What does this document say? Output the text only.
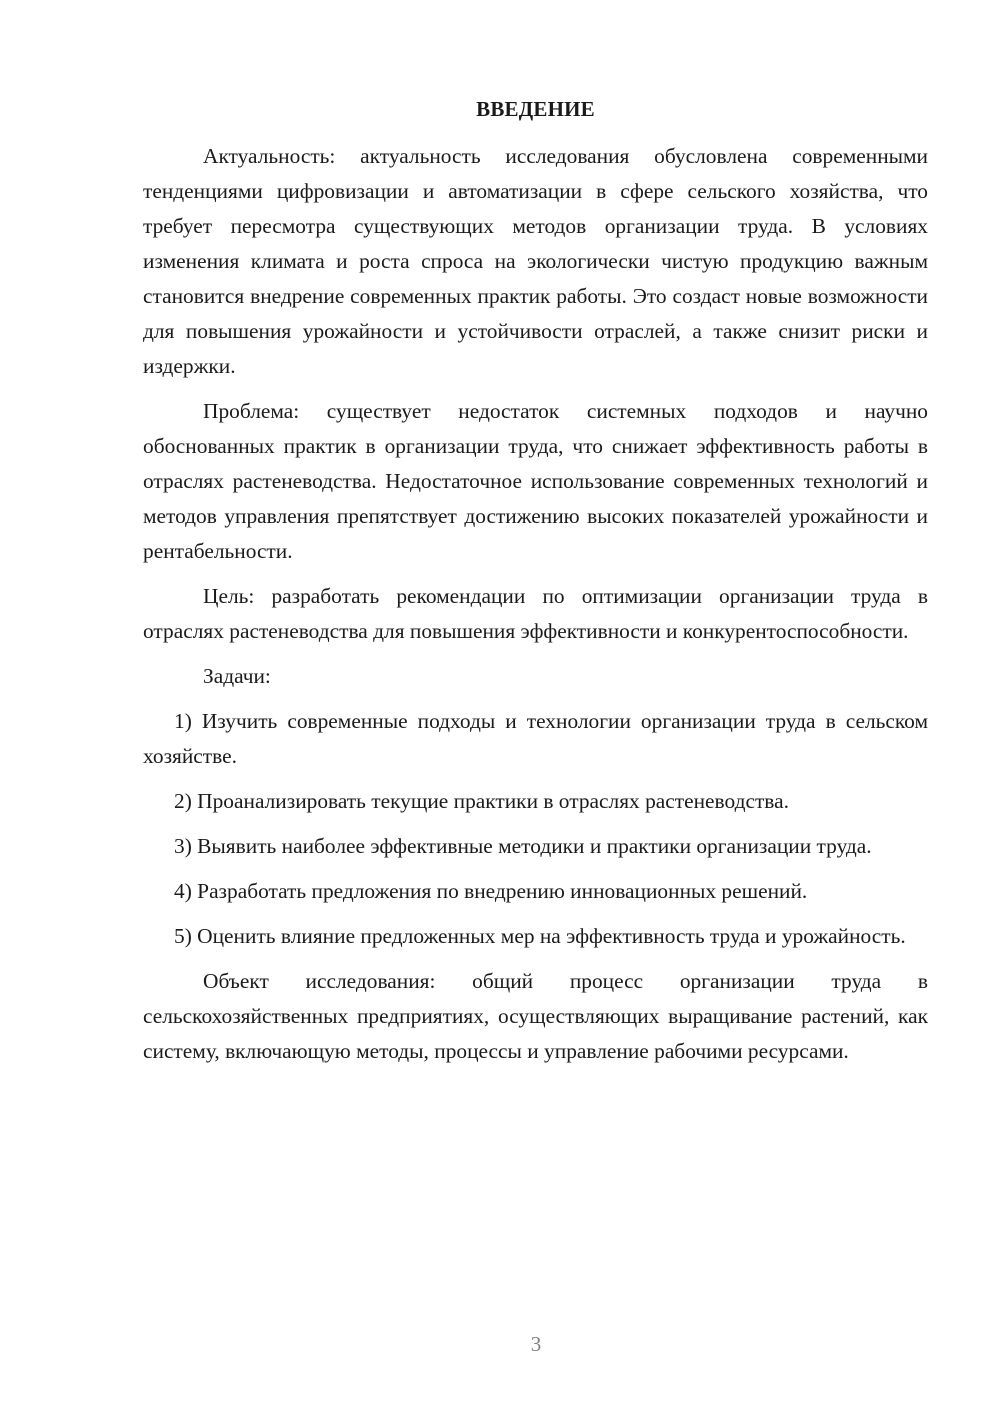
ВВЕДЕНИЕ

Актуальность: актуальность исследования обусловлена современными тенденциями цифровизации и автоматизации в сфере сельского хозяйства, что требует пересмотра существующих методов организации труда. В условиях изменения климата и роста спроса на экологически чистую продукцию важным становится внедрение современных практик работы. Это создаст новые возможности для повышения урожайности и устойчивости отраслей, а также снизит риски и издержки.

Проблема: существует недостаток системных подходов и научно обоснованных практик в организации труда, что снижает эффективность работы в отраслях растеневодства. Недостаточное использование современных технологий и методов управления препятствует достижению высоких показателей урожайности и рентабельности.

Цель: разработать рекомендации по оптимизации организации труда в отраслях растеневодства для повышения эффективности и конкурентоспособности.

Задачи:

1) Изучить современные подходы и технологии организации труда в сельском хозяйстве.

2) Проанализировать текущие практики в отраслях растеневодства.

3) Выявить наиболее эффективные методики и практики организации труда.

4) Разработать предложения по внедрению инновационных решений.

5) Оценить влияние предложенных мер на эффективность труда и урожайность.

Объект исследования: общий процесс организации труда в сельскохозяйственных предприятиях, осуществляющих выращивание растений, как систему, включающую методы, процессы и управление рабочими ресурсами.

3
